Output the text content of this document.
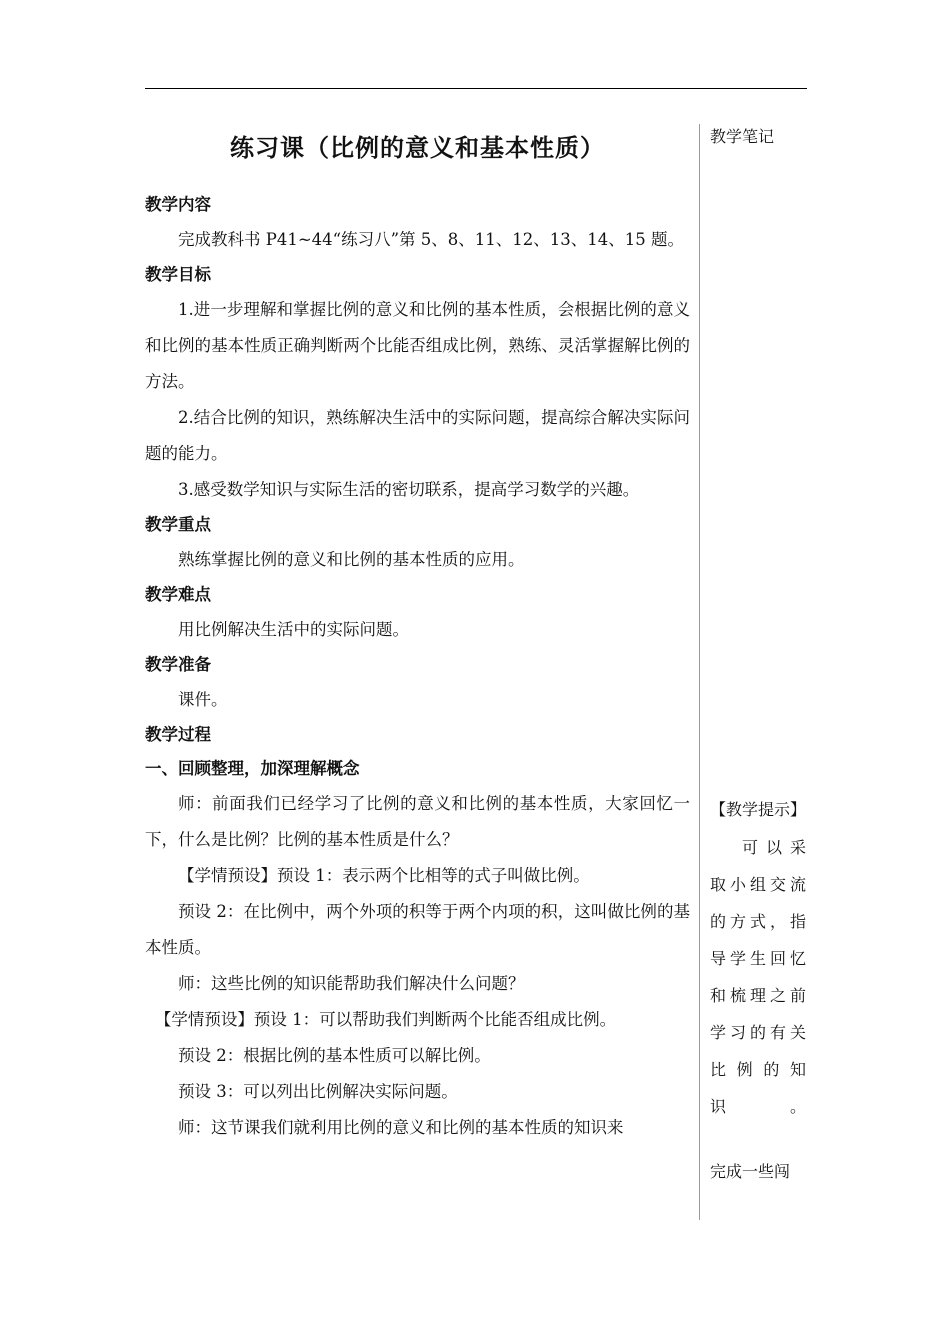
练习课（比例的意义和基本性质）

教学内容

完成教科书 P41~44“练习八”第 5、8、11、12、13、14、15 题。

教学目标

1.进一步理解和掌握比例的意义和比例的基本性质，会根据比例的意义和比例的基本性质正确判断两个比能否组成比例，熟练、灵活掌握解比例的方法。

2.结合比例的知识，熟练解决生活中的实际问题，提高综合解决实际问题的能力。

3.感受数学知识与实际生活的密切联系，提高学习数学的兴趣。

教学重点

熟练掌握比例的意义和比例的基本性质的应用。

教学难点

用比例解决生活中的实际问题。

教学准备

课件。

教学过程

一、回顾整理，加深理解概念

师：前面我们已经学习了比例的意义和比例的基本性质，大家回忆一下，什么是比例？比例的基本性质是什么？

【学情预设】预设 1：表示两个比相等的式子叫做比例。

预设 2：在比例中，两个外项的积等于两个内项的积，这叫做比例的基本性质。

师：这些比例的知识能帮助我们解决什么问题？

【学情预设】预设 1：可以帮助我们判断两个比能否组成比例。

预设 2：根据比例的基本性质可以解比例。

预设 3：可以列出比例解决实际问题。

师：这节课我们就利用比例的意义和比例的基本性质的知识来

教学笔记
【教学提示】
可以采取小组交流的方式，指导学生回忆和梳理之前学习的有关比例的知识。
完成一些闯
